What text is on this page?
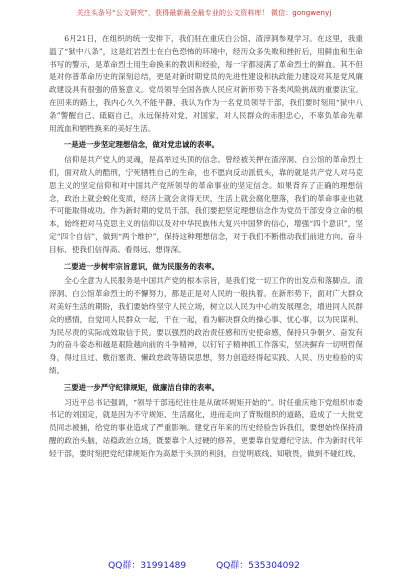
关注头条号“公文研究”，获得最新最全最专业的公文资料库！ 微信：gongwenyj

6月21日，在组织的统一安排下，我们驻在重庆白公馆、渣滓洞参观学习。在这里，我重温了“狱中八条”，这是红岩烈士在白色恐怖的环境中，经历众多失败和挫折后，用鲜血和生命书写的警示，是革命烈士用生命换来的教训和经验，每一字都浸满了革命烈士的鲜血。其不但是对你普革命历史的深刻总结，更是对新时期党员的先进性建设和执政能力建设对其是党风廉政建设具有很强的借鉴意义。党员领导全国各族人民应对新形势下各类风险挑战的重要法宝。在回来的路上，我内心久久不能平静，我认为作为一名党员领导干部，我们要时刻用“狱中八条”警醒自己、砥砺自己，永远保持对党、对国家、对人民群众的赤胆忠心，不辜负革命先辈用流血和牺牲换来的美好生活。

一是进一步坚定理想信念，做对党忠诚的表率。

信仰是共产党人的灵魂，是高举过头顶的信念。曾经被关押在渣滓洞、白公馆的革命烈士们，面对敌人的酷刑，宁死牺牲自己的生命，也不愿向反动派低头，靠的就是共产党人对马克思主义的坚定信仰和对中国共产党所领导的革命事业的坚定信念。如果背弃了正确的理想信念，政治上就会蜕化变质，经济上就会贪得无厌，生活上就会腐化堕落，我们的革命事业也就不可能取得成功。作为新时期的党员干部，我们要把坚定理想信念作为党员干部安身立命的根本，始终把对马克思主义的信仰以及对中华民族伟大复兴中国梦的信心，增强“四个意识”，坚定“四个自信”，做到“两个维护”，保持这种理想信念，对于我们不断推动我们前进方向、奋斗目标、使我们信得高、看得远、想得深。

二要进一步树牢宗旨意识，做为民服务的表率。

全心全意为人民服务是中国共产党的根本宗旨，是我们党一切工作的出发点和落脚点。渣滓洞、白公馆革命烈士的不懈努力，都是正是对人民的一般执着。在新形势下，面对广大群众对美好生活的期盼，我们要始终坚守人民立场，树立以人民为中心的发展理念，增进同人民群众的感情，自觉同人民群众一起，干在一起，看为解决群众的操心事、忧心事，以为民谋利、为民尽责的实际成效取信于民。要以强烈的政治责任感和历史使命感，保持只争朝夕、奋发有为的奋斗姿态和越是艰险越向前的斗争精神，以钉钉子精神抓工作落实，坚决摒弃一切明哲保身，得过且过、敷衍塞责、懒政怠政等错误思想，努力创造经得起实践、人民、历史检验的实绩。

三要进一步严守纪律规矩，做廉洁自律的表率。

习近平总书记强调，“领导干部违纪往往是从破坏规矩开始的”。时任重庆地下党组织市委书记的刘国定，就是因为不守规矩、生活腐化，进而走向了背叛组织的道路，造成了一大批党员同志被捕，给党的事业造成了严重影响。建党百年来的历史经验告诉我们，要想始终保持清醒的政治头脑，站稳政治立场，既要靠个人过硬的修养，更要靠自觉遵纪守法。作为新时代年轻干部，要时刻把党纪律规矩作为高悬于头顶的利剑，自觉明底线、知敬畏，做到不碰红线、

QQ群：31991489	QQ群：535304092
